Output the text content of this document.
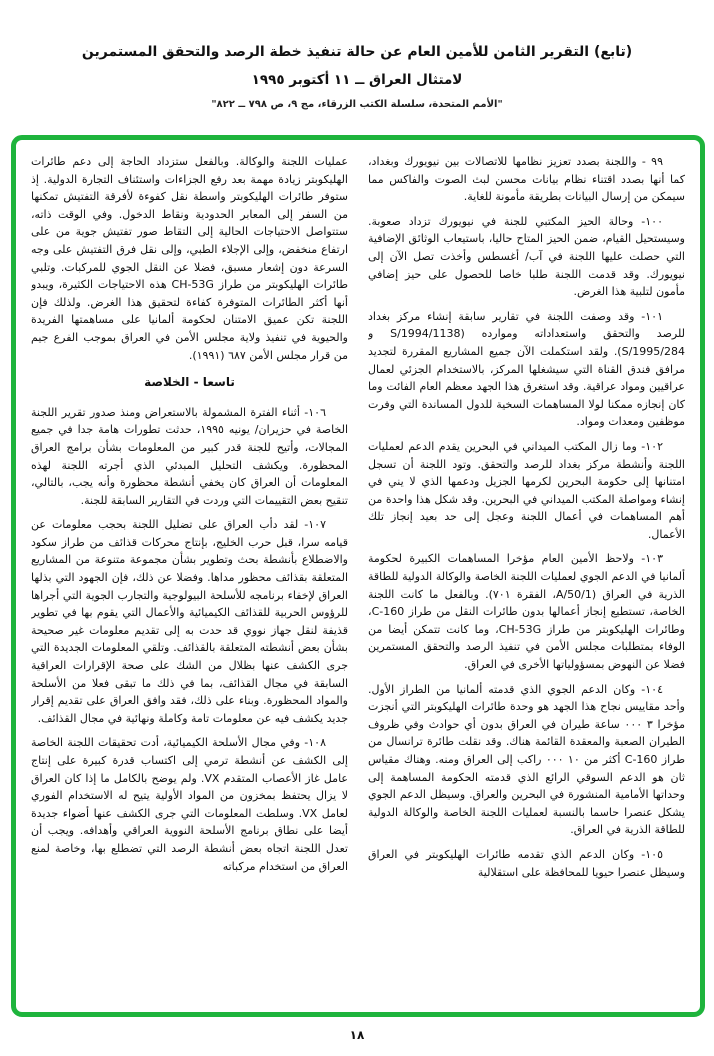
(تابع) التقرير الثامن للأمين العام عن حالة تنفيذ خطة الرصد والتحقق المستمرين
لامتثال العراق ــ ١١ أكتوبر ١٩٩٥
"الأمم المتحدة، سلسلة الكتب الزرقاء، مج ٩، ص ٧٩٨ ــ ٨٢٢"

٩٩ - واللجنة بصدد تعزيز نظامها للاتصالات بين نيويورك وبغداد، كما أنها بصدد اقتناء نظام بيانات محسن لبث الصوت والفاكس مما سيمكن من إرسال البيانات بطريقة مأمونة للغاية.

١٠٠- وحالة الحيز المكتبي للجنة في نيويورك تزداد صعوبة. وسيستحيل القيام، ضمن الحيز المتاح حاليا، باستيعاب الوثائق الإضافية التي حصلت عليها اللجنة في آب/ أغسطس وأخذت تصل الآن إلى نيويورك. وقد قدمت اللجنة طلبا خاصا للحصول على حيز إضافي مأمون لتلبية هذا الغرض.

١٠١- وقد وصفت اللجنة في تقارير سابقة إنشاء مركز بغداد للرصد والتحقق واستعداداته وموارده (S/1994/1138 و S/1995/284). ولقد استكملت الآن جميع المشاريع المقررة لتجديد مرافق فندق القناة التي سيشغلها المركز، بالاستخدام الجزئي لعمال عراقيين ومواد عراقية. وقد استغرق هذا الجهد معظم العام الفائت وما كان إنجازه ممكنا لولا المساهمات السخية للدول المساندة التي وفرت موظفين ومعدات ومواد.

١٠٢- وما زال المكتب الميداني في البحرين يقدم الدعم لعمليات اللجنة وأنشطة مركز بغداد للرصد والتحقق. وتود اللجنة أن تسجل امتنانها إلى حكومة البحرين لكرمها الجزيل ودعمها الذي لا يني في إنشاء ومواصلة المكتب الميداني في البحرين. وقد شكل هذا واحدة من أهم المساهمات في أعمال اللجنة وعجل إلى حد بعيد إنجاز تلك الأعمال.

١٠٣- ولاحظ الأمين العام مؤخرا المساهمات الكبيرة لحكومة ألمانيا في الدعم الجوي لعمليات اللجنة الخاصة والوكالة الدولية للطاقة الذرية في العراق (A/50/1، الفقرة ٧٠١). وبالفعل ما كانت اللجنة الخاصة، تستطيع إنجاز أعمالها بدون طائرات النقل من طراز C-160، وطائرات الهليكوبتر من طراز CH-53G، وما كانت تتمكن أيضا من الوفاء بمتطلبات مجلس الأمن في تنفيذ الرصد والتحقق المستمرين فضلا عن النهوض بمسؤولياتها الأخرى في العراق.

١٠٤- وكان الدعم الجوي الذي قدمته ألمانيا من الطراز الأول. وأحد مقاييس نجاح هذا الجهد هو وحدة طائرات الهليكوبتر التي أنجزت مؤخرا ٣ ٠٠٠ ساعة طيران في العراق بدون أي حوادث وفي ظروف الطيران الصعبة والمعقدة القائمة هناك. وقد نقلت طائرة ترانسال من طراز C-160 أكثر من ١٠ ٠٠٠ راكب إلى العراق ومنه. وهناك مقياس ثان هو الدعم السوقي الرائع الذي قدمته الحكومة المساهمة إلى وحداتها الأمامية المنشورة في البحرين والعراق. وسيظل الدعم الجوي يشكل عنصرا حاسما بالنسبة لعمليات اللجنة الخاصة والوكالة الدولية للطاقة الذرية في العراق.

١٠٥- وكان الدعم الذي تقدمه طائرات الهليكوبتر في العراق وسيظل عنصرا حيويا للمحافظة على استقلالية

عمليات اللجنة والوكالة. وبالفعل ستزداد الحاجة إلى دعم طائرات الهليكوبتر زيادة مهمة بعد رفع الجزاءات واستئناف التجارة الدولية. إذ ستوفر طائرات الهليكوبتر واسطة نقل كفوءة لأفرقة التفتيش تمكنها من السفر إلى المعابر الحدودية ونقاط الدخول. وفي الوقت ذاته، ستتواصل الاحتياجات الحالية إلى التقاط صور تفتيش جوية من على ارتفاع منخفض، وإلى الإجلاء الطبي، وإلى نقل فرق التفتيش على وجه السرعة دون إشعار مسبق، فضلا عن النقل الجوي للمركبات. وتلبي طائرات الهليكوبتر من طراز CH-53G هذه الاحتياجات الكثيرة، ويبدو أنها أكثر الطائرات المتوفرة كفاءة لتحقيق هذا الغرض. ولذلك فإن اللجنة تكن عميق الامتنان لحكومة ألمانيا على مساهمتها الفريدة والحيوية في تنفيذ ولاية مجلس الأمن في العراق بموجب الفرع جيم من قرار مجلس الأمن ٦٨٧ (١٩٩١).

تاسعا - الخلاصة

١٠٦- أثناء الفترة المشمولة بالاستعراض ومنذ صدور تقرير اللجنة الخاصة في حزيران/ يونيه ١٩٩٥، حدثت تطورات هامة جدا في جميع المجالات، وأتيح للجنة قدر كبير من المعلومات بشأن برامج العراق المحظورة. ويكشف التحليل المبدئي الذي أجرته اللجنة لهذه المعلومات أن العراق كان يخفي أنشطة محظورة وأنه يجب، بالتالي، تنقيح بعض التقييمات التي وردت في التقارير السابقة للجنة.

١٠٧- لقد دأب العراق على تضليل اللجنة بحجب معلومات عن قيامه سرا، قبل حرب الخليج، بإنتاج محركات قذائف من طراز سكود والاضطلاع بأنشطة بحث وتطوير بشأن مجموعة متنوعة من المشاريع المتعلقة بقذائف محظور مداها. وفضلا عن ذلك، فإن الجهود التي بذلها العراق لإخفاء برنامجه للأسلحة البيولوجية والتجارب الجوية التي أجراها للرؤوس الحربية للقذائف الكيميائية والأعمال التي يقوم بها في تطوير قذيفة لنقل جهاز نووي قد حدت به إلى تقديم معلومات غير صحيحة بشأن بعض أنشطته المتعلقة بالقذائف. وتلقي المعلومات الجديدة التي جرى الكشف عنها بظلال من الشك على صحة الإقرارات العراقية السابقة في مجال القذائف، بما في ذلك ما تبقى فعلا من الأسلحة والمواد المحظورة. وبناء على ذلك، فقد وافق العراق على تقديم إقرار جديد يكشف فيه عن معلومات تامة وكاملة ونهائية في مجال القذائف.

١٠٨- وفي مجال الأسلحة الكيميائية، أدت تحقيقات اللجنة الخاصة إلى الكشف عن أنشطة ترمي إلى اكتساب قدرة كبيرة على إنتاج عامل غاز الأعصاب المتقدم VX. ولم يوضح بالكامل ما إذا كان العراق لا يزال يحتفظ بمخزون من المواد الأولية يتيح له الاستخدام الفوري لعامل VX. وسلطت المعلومات التي جرى الكشف عنها أضواء جديدة أيضا على نطاق برنامج الأسلحة النووية العراقي وأهدافه. ويجب أن تعدل اللجنة اتجاه بعض أنشطة الرصد التي تضطلع بها، وخاصة لمنع العراق من استخدام مركباته

١٨
